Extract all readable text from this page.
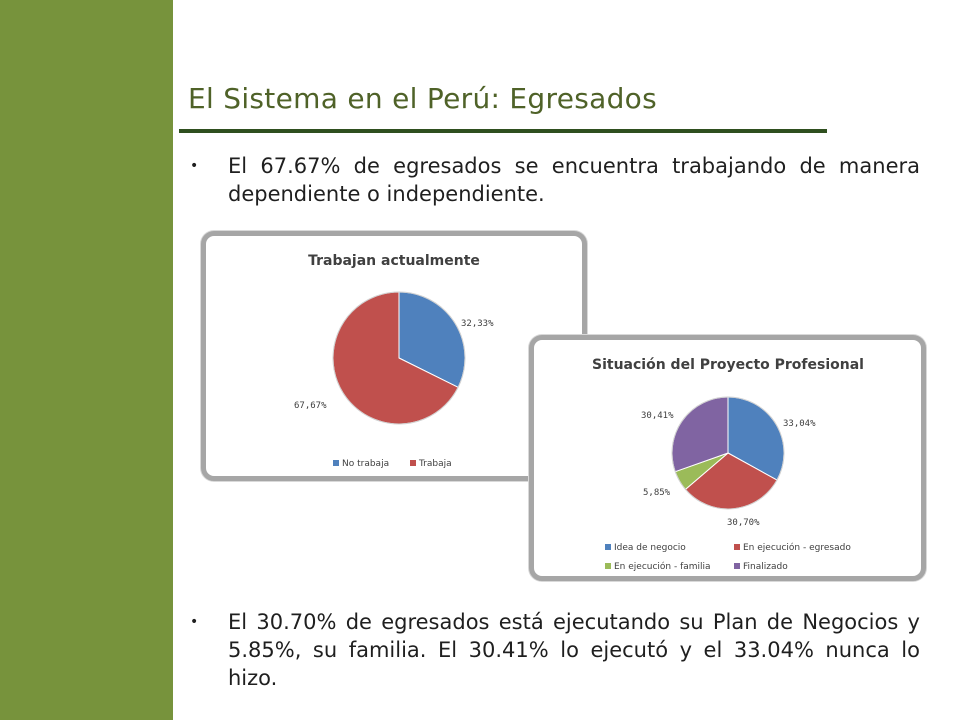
El Sistema en el Perú: Egresados
• El 67.67% de egresados se encuentra trabajando de manera dependiente o independiente.
Trabajan actualmente
32,33%
67,67%
No trabaja	Trabaja
Situación del Proyecto Profesional
33,04%
30,70%
5,85%
30,41%
Idea de negocio	En ejecución - egresado
En ejecución - familia	Finalizado
• El 30.70% de egresados está ejecutando su Plan de Negocios y 5.85%, su familia. El 30.41% lo ejecutó y el 33.04% nunca lo hizo.
